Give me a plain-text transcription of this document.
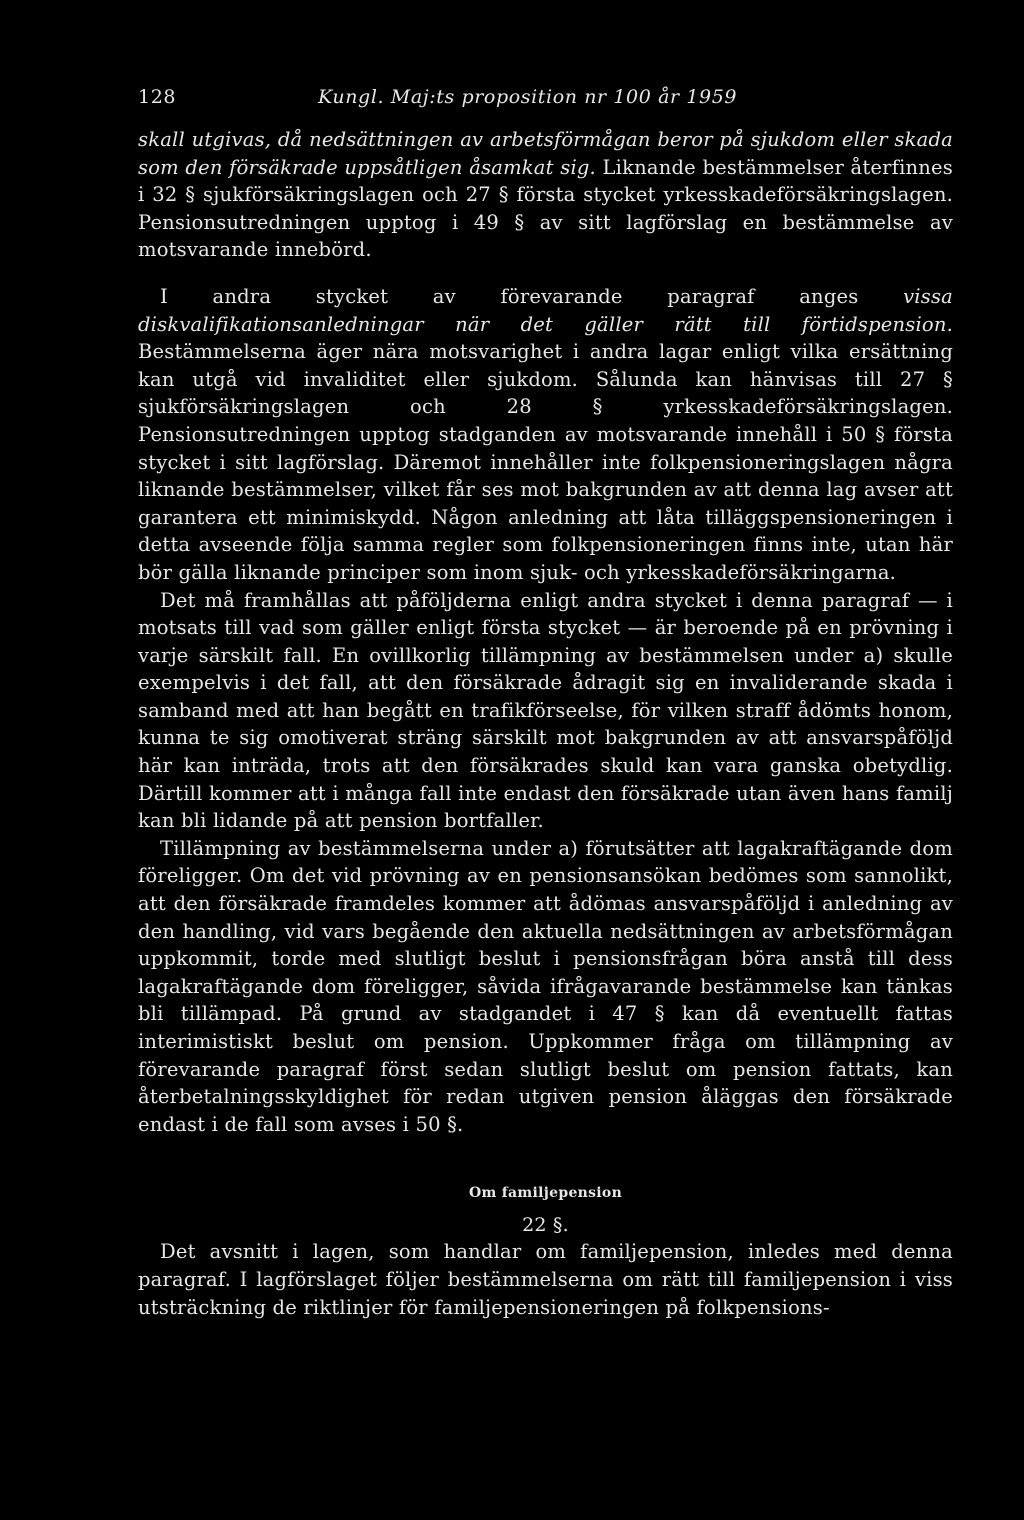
128	Kungl. Maj:ts proposition nr 100 år 1959

skall utgivas, då nedsättningen av arbetsförmågan beror på sjukdom eller skada som den försäkrade uppsåtligen åsamkat sig. Liknande bestämmelser återfinnes i 32 § sjukförsäkringslagen och 27 § första stycket yrkesskadeförsäkringslagen. Pensionsutredningen upptog i 49 § av sitt lagförslag en bestämmelse av motsvarande innebörd.

I andra stycket av förevarande paragraf anges vissa diskvalifikationsanledningar när det gäller rätt till förtidspension. Bestämmelserna äger nära motsvarighet i andra lagar enligt vilka ersättning kan utgå vid invaliditet eller sjukdom. Sålunda kan hänvisas till 27 § sjukförsäkringslagen och 28 § yrkesskadeförsäkringslagen. Pensionsutredningen upptog stadganden av motsvarande innehåll i 50 § första stycket i sitt lagförslag. Däremot innehåller inte folkpensioneringslagen några liknande bestämmelser, vilket får ses mot bakgrunden av att denna lag avser att garantera ett minimiskydd. Någon anledning att låta tilläggspensioneringen i detta avseende följa samma regler som folkpensioneringen finns inte, utan här bör gälla liknande principer som inom sjuk- och yrkesskadeförsäkringarna.

Det må framhållas att påföljderna enligt andra stycket i denna paragraf — i motsats till vad som gäller enligt första stycket — är beroende på en prövning i varje särskilt fall. En ovillkorlig tillämpning av bestämmelsen under a) skulle exempelvis i det fall, att den försäkrade ådragit sig en invaliderande skada i samband med att han begått en trafikförseelse, för vilken straff ådömts honom, kunna te sig omotiverat sträng särskilt mot bakgrunden av att ansvarspåföljd här kan inträda, trots att den försäkrades skuld kan vara ganska obetydlig. Därtill kommer att i många fall inte endast den försäkrade utan även hans familj kan bli lidande på att pension bortfaller.

Tillämpning av bestämmelserna under a) förutsätter att lagakraftägande dom föreligger. Om det vid prövning av en pensionsansökan bedömes som sannolikt, att den försäkrade framdeles kommer att ådömas ansvarspåföljd i anledning av den handling, vid vars begående den aktuella nedsättningen av arbetsförmågan uppkommit, torde med slutligt beslut i pensionsfrågan böra anstå till dess lagakraftägande dom föreligger, såvida ifrågavarande bestämmelse kan tänkas bli tillämpad. På grund av stadgandet i 47 § kan då eventuellt fattas interimistiskt beslut om pension. Uppkommer fråga om tillämpning av förevarande paragraf först sedan slutligt beslut om pension fattats, kan återbetalningsskyldighet för redan utgiven pension åläggas den försäkrade endast i de fall som avses i 50 §.

Om familjepension
22 §.

Det avsnitt i lagen, som handlar om familjepension, inledes med denna paragraf. I lagförslaget följer bestämmelserna om rätt till familjepension i viss utsträckning de riktlinjer för familjepensioneringen på folkpensions-
